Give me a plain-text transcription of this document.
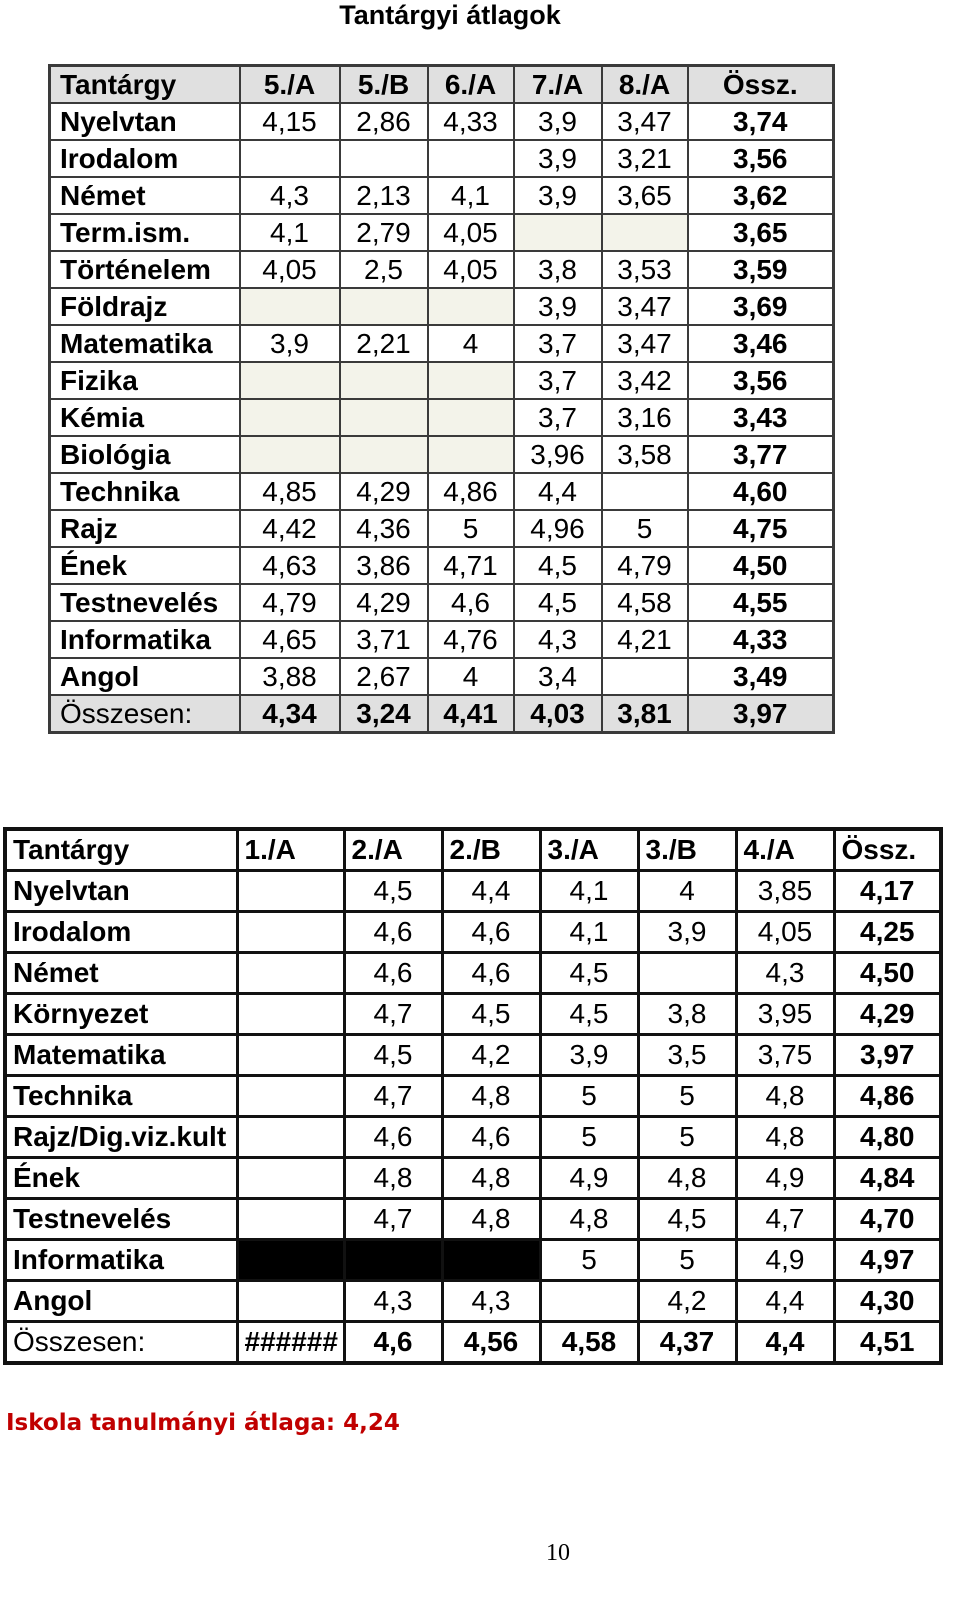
Tantárgyi átlagok
Tantárgy	5./A	5./B	6./A	7./A	8./A	Össz.
Nyelvtan	4,15	2,86	4,33	3,9	3,47	3,74
Irodalom				3,9	3,21	3,56
Német	4,3	2,13	4,1	3,9	3,65	3,62
Term.ism.	4,1	2,79	4,05			3,65
Történelem	4,05	2,5	4,05	3,8	3,53	3,59
Földrajz				3,9	3,47	3,69
Matematika	3,9	2,21	4	3,7	3,47	3,46
Fizika				3,7	3,42	3,56
Kémia				3,7	3,16	3,43
Biológia				3,96	3,58	3,77
Technika	4,85	4,29	4,86	4,4		4,60
Rajz	4,42	4,36	5	4,96	5	4,75
Ének	4,63	3,86	4,71	4,5	4,79	4,50
Testnevelés	4,79	4,29	4,6	4,5	4,58	4,55
Informatika	4,65	3,71	4,76	4,3	4,21	4,33
Angol	3,88	2,67	4	3,4		3,49
Összesen:	4,34	3,24	4,41	4,03	3,81	3,97
Tantárgy	1./A	2./A	2./B	3./A	3./B	4./A	Össz.
Nyelvtan		4,5	4,4	4,1	4	3,85	4,17
Irodalom		4,6	4,6	4,1	3,9	4,05	4,25
Német		4,6	4,6	4,5		4,3	4,50
Környezet		4,7	4,5	4,5	3,8	3,95	4,29
Matematika		4,5	4,2	3,9	3,5	3,75	3,97
Technika		4,7	4,8	5	5	4,8	4,86
Rajz/Dig.viz.kult		4,6	4,6	5	5	4,8	4,80
Ének		4,8	4,8	4,9	4,8	4,9	4,84
Testnevelés		4,7	4,8	4,8	4,5	4,7	4,70
Informatika				5	5	4,9	4,97
Angol		4,3	4,3		4,2	4,4	4,30
Összesen:	######	4,6	4,56	4,58	4,37	4,4	4,51
Iskola tanulmányi átlaga: 4,24
10
